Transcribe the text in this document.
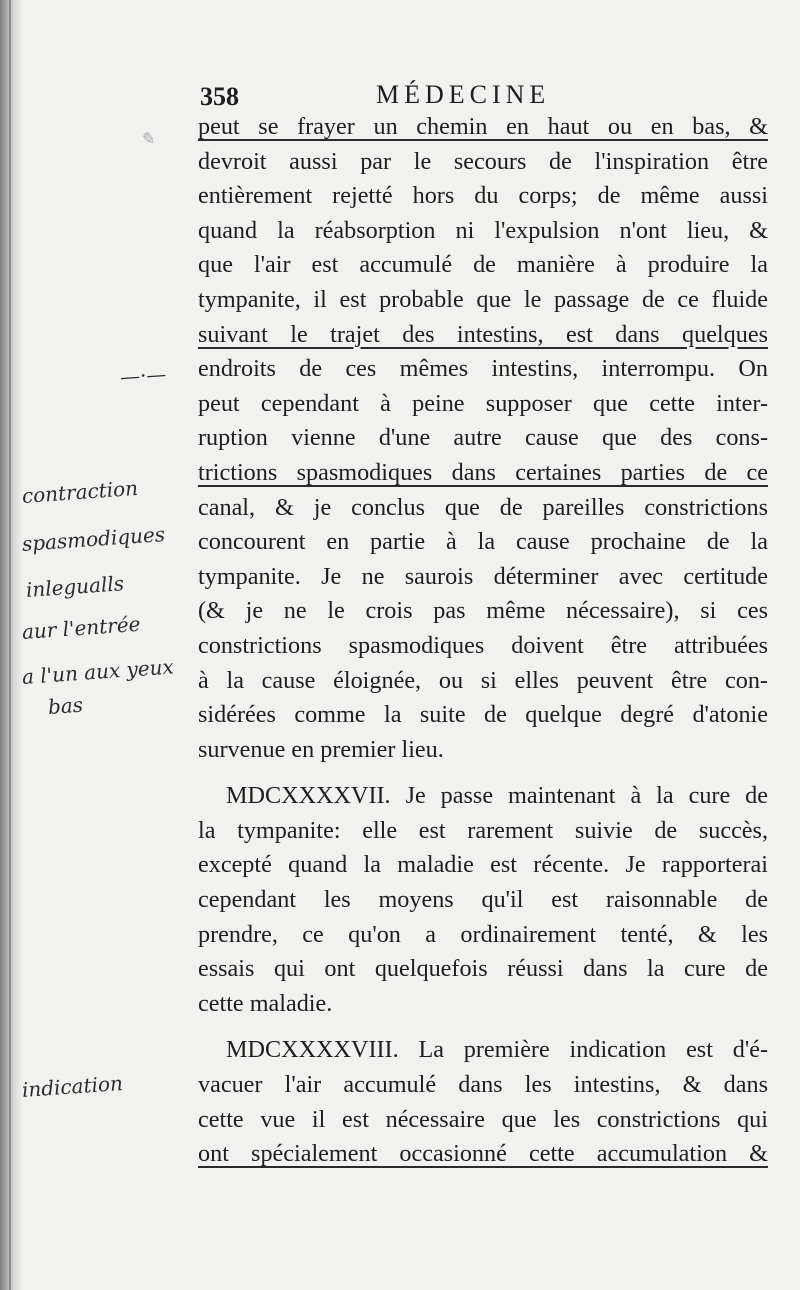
✎
—·—
contraction
spasmodiques
inlegualls
aur l'entrée
a l'un aux yeux
bas
indication
358	MÉDECINE
peut se frayer un chemin en haut ou en bas, &
devroit aussi par le secours de l'inspiration être
entièrement rejetté hors du corps; de même aussi
quand la réabsorption ni l'expulsion n'ont lieu, &
que l'air est accumulé de manière à produire la
tympanite, il est probable que le passage de ce fluide
suivant le trajet des intestins, est dans quelques
endroits de ces mêmes intestins, interrompu. On
peut cependant à peine supposer que cette inter-
ruption vienne d'une autre cause que des cons-
trictions spasmodiques dans certaines parties de ce
canal, & je conclus que de pareilles constrictions
concourent en partie à la cause prochaine de la
tympanite. Je ne saurois déterminer avec certitude
(& je ne le crois pas même nécessaire), si ces
constrictions spasmodiques doivent être attribuées
à la cause éloignée, ou si elles peuvent être con-
sidérées comme la suite de quelque degré d'atonie
survenue en premier lieu.
MDCXXXXVII. Je passe maintenant à la cure de
la tympanite: elle est rarement suivie de succès,
excepté quand la maladie est récente. Je rapporterai
cependant les moyens qu'il est raisonnable de
prendre, ce qu'on a ordinairement tenté, & les
essais qui ont quelquefois réussi dans la cure de
cette maladie.
MDCXXXXVIII. La première indication est d'é-
vacuer l'air accumulé dans les intestins, & dans
cette vue il est nécessaire que les constrictions qui
ont spécialement occasionné cette accumulation &
